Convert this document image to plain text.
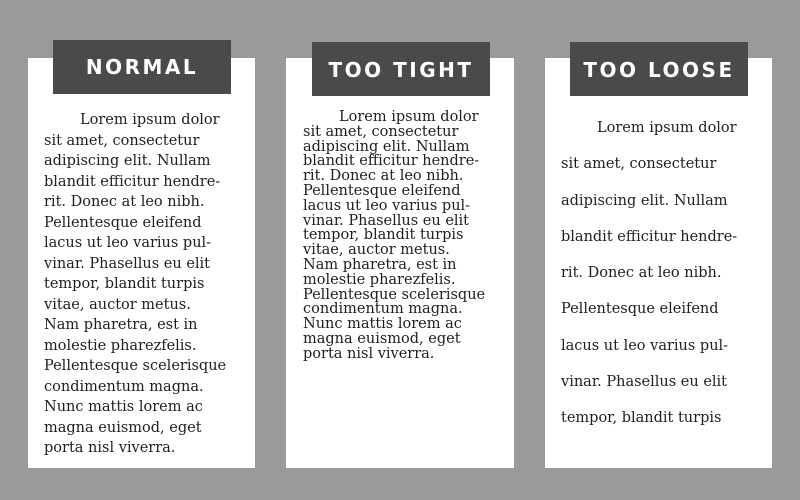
NORMAL
Lorem ipsum dolor
sit amet, consectetur
adipiscing elit. Nullam
blandit efficitur hendre-
rit. Donec at leo nibh.
Pellentesque eleifend
lacus ut leo varius pul-
vinar. Phasellus eu elit
tempor, blandit turpis
vitae, auctor metus.
Nam pharetra, est in
molestie pharezfelis.
Pellentesque scelerisque
condimentum magna.
Nunc mattis lorem ac
magna euismod, eget
porta nisl viverra.
TOO TIGHT
Lorem ipsum dolor
sit amet, consectetur
adipiscing elit. Nullam
blandit efficitur hendre-
rit. Donec at leo nibh.
Pellentesque eleifend
lacus ut leo varius pul-
vinar. Phasellus eu elit
tempor, blandit turpis
vitae, auctor metus.
Nam pharetra, est in
molestie pharezfelis.
Pellentesque scelerisque
condimentum magna.
Nunc mattis lorem ac
magna euismod, eget
porta nisl viverra.
TOO LOOSE
Lorem ipsum dolor
sit amet, consectetur
adipiscing elit. Nullam
blandit efficitur hendre-
rit. Donec at leo nibh.
Pellentesque eleifend
lacus ut leo varius pul-
vinar. Phasellus eu elit
tempor, blandit turpis
